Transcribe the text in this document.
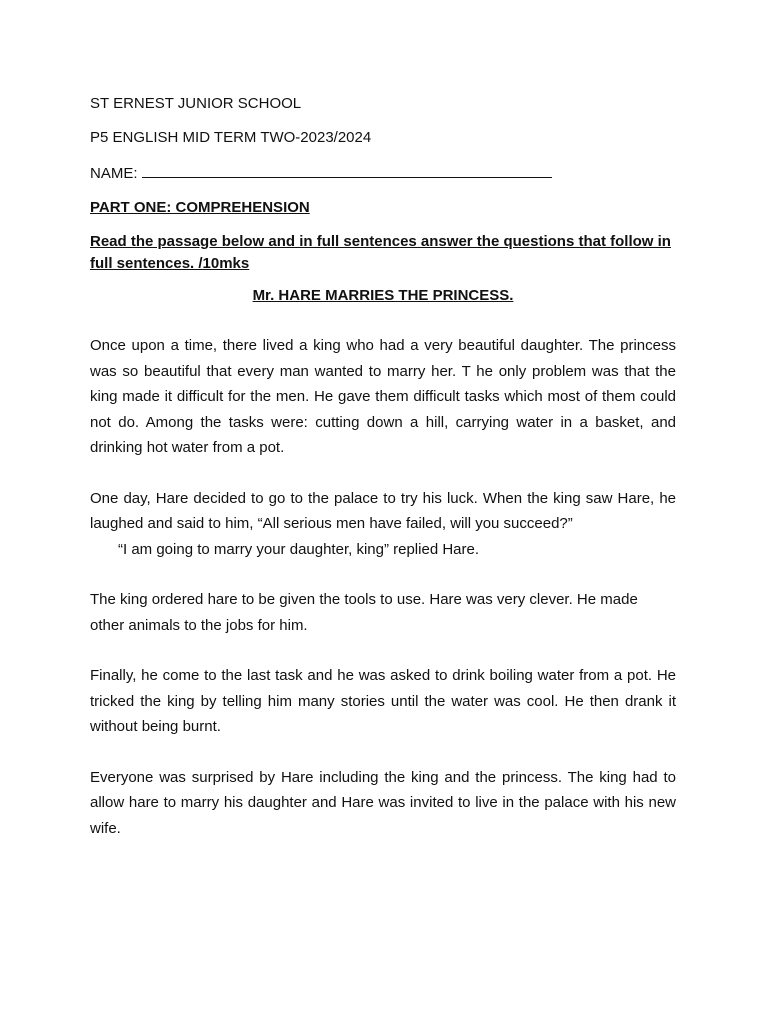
ST ERNEST JUNIOR SCHOOL

P5 ENGLISH MID TERM TWO-2023/2024

NAME:

PART ONE: COMPREHENSION

Read the passage below and in full sentences answer the questions that follow in full sentences. /10mks

Mr. HARE MARRIES THE PRINCESS.

Once upon a time, there lived a king who had a very beautiful daughter. The princess was so beautiful that every man wanted to marry her. T he only problem was that the king made it difficult for the men. He gave them difficult tasks which most of them could not do. Among the tasks were: cutting down a hill, carrying water in a basket, and drinking hot water from a pot.

One day, Hare decided to go to the palace to try his luck. When the king saw Hare, he laughed and said to him, “All serious men have failed, will you succeed?”

“I am going to marry your daughter, king” replied Hare.

The king ordered hare to be given the tools to use. Hare was very clever. He made other animals to the jobs for him.

Finally, he come to the last task and he was asked to drink boiling water from a pot. He tricked the king by telling him many stories until the water was cool. He then drank it without being burnt.

Everyone was surprised by Hare including the king and the princess. The king had to allow hare to marry his daughter and Hare was invited to live in the palace with his new wife.
